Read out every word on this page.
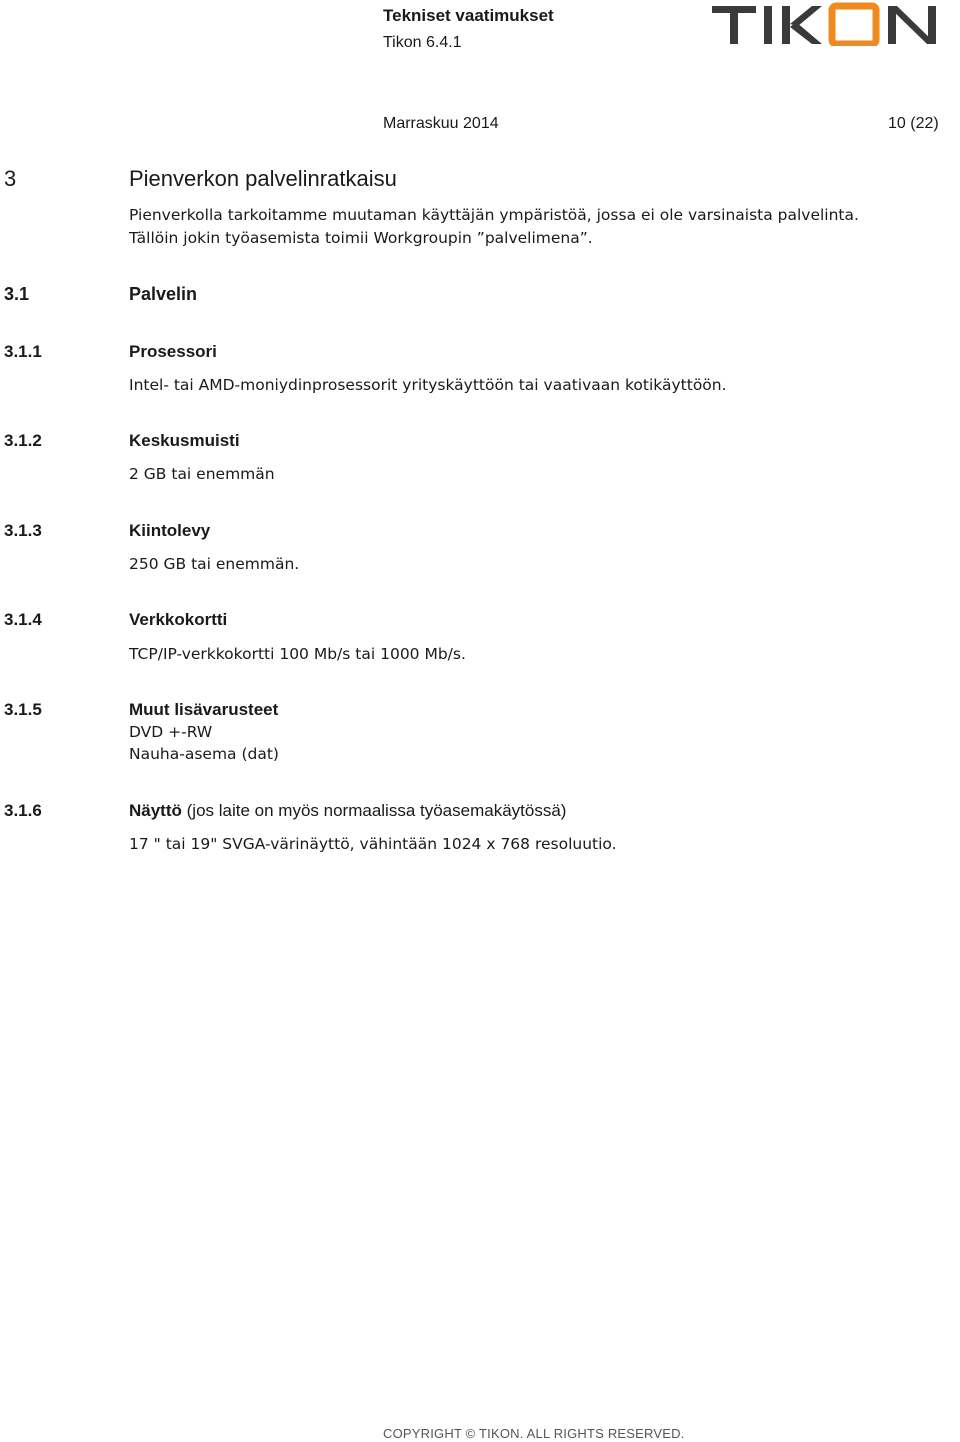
Tekniset vaatimukset
Tikon 6.4.1
Marraskuu 2014	10 (22)
3	Pienverkon palvelinratkaisu
Pienverkolla tarkoitamme muutaman käyttäjän ympäristöä, jossa ei ole varsinaista palvelinta.
Tällöin jokin työasemista toimii Workgroupin ”palvelimena”.
3.1	Palvelin
3.1.1	Prosessori
Intel- tai AMD-moniydinprosessorit yrityskäyttöön tai vaativaan kotikäyttöön.
3.1.2	Keskusmuisti
2 GB tai enemmän
3.1.3	Kiintolevy
250 GB tai enemmän.
3.1.4	Verkkokortti
TCP/IP-verkkokortti 100 Mb/s tai 1000 Mb/s.
3.1.5	Muut lisävarusteet
DVD +-RW
Nauha-asema (dat)
3.1.6	Näyttö (jos laite on myös normaalissa työasemakäytössä)
17 " tai 19" SVGA-värinäyttö, vähintään 1024 x 768 resoluutio.
COPYRIGHT © TIKON. ALL RIGHTS RESERVED.
